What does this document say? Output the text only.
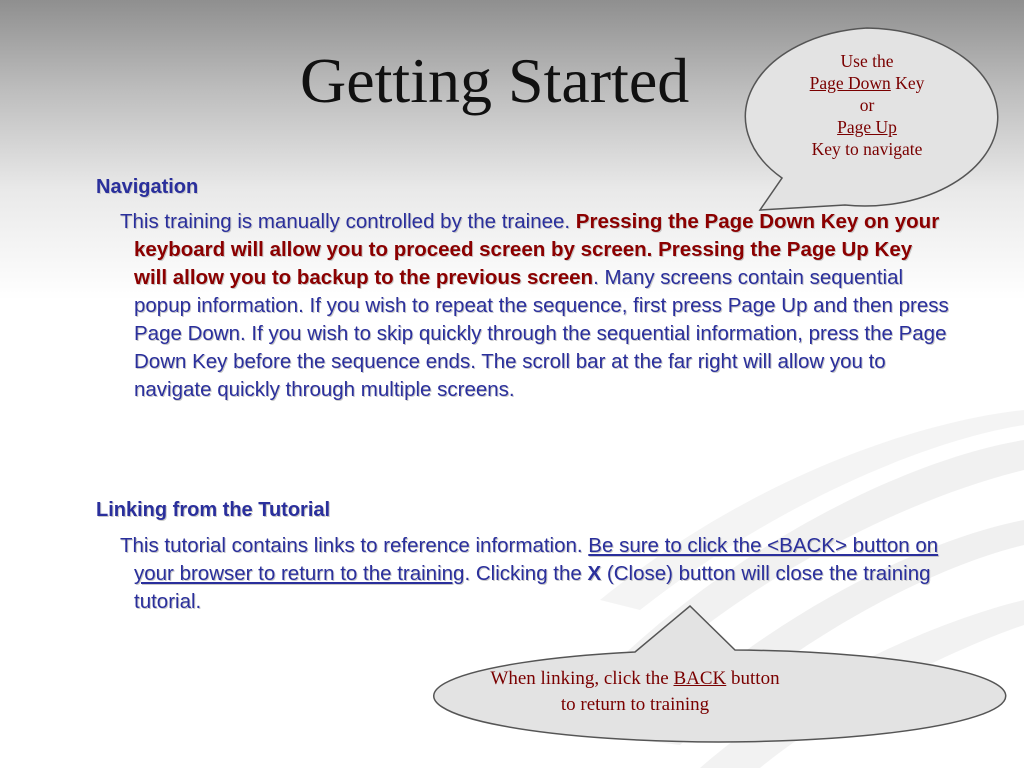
Getting Started	Use the
Page Down Key
or
Page Up
Key to navigate
Navigation
This training is manually controlled by the trainee. Pressing the Page Down Key on your keyboard will allow you to proceed screen by screen. Pressing the Page Up Key will allow you to backup to the previous screen. Many screens contain sequential popup information. If you wish to repeat the sequence, first press Page Up and then press Page Down. If you wish to skip quickly through the sequential information, press the Page Down Key before the sequence ends. The scroll bar at the far right will allow you to navigate quickly through multiple screens.
Linking from the Tutorial
This tutorial contains links to reference information. Be sure to click the <BACK> button on your browser to return to the training. Clicking the X (Close) button will close the training tutorial.
When linking, click the BACK button
to return to training
